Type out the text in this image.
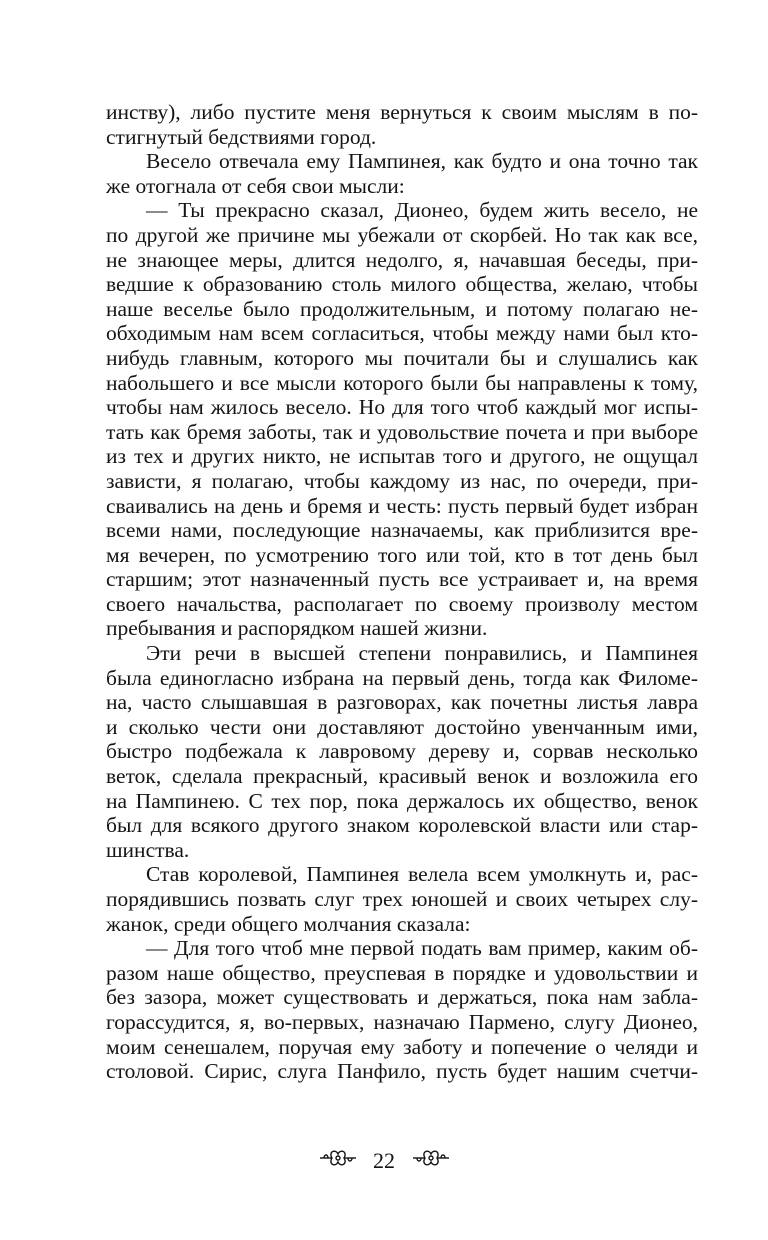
инству), либо пустите меня вернуться к своим мыслям в по-
стигнутый бедствиями город.
Весело отвечала ему Пампинея, как будто и она точно так
же отогнала от себя свои мысли:
— Ты прекрасно сказал, Дионео, будем жить весело, не
по другой же причине мы убежали от скорбей. Но так как все,
не знающее меры, длится недолго, я, начавшая беседы, при-
ведшие к образованию столь милого общества, желаю, чтобы
наше веселье было продолжительным, и потому полагаю не-
обходимым нам всем согласиться, чтобы между нами был кто-
нибудь главным, которого мы почитали бы и слушались как
набольшего и все мысли которого были бы направлены к тому,
чтобы нам жилось весело. Но для того чтоб каждый мог испы-
тать как бремя заботы, так и удовольствие почета и при выборе
из тех и других никто, не испытав того и другого, не ощущал
зависти, я полагаю, чтобы каждому из нас, по очереди, при-
сваивались на день и бремя и честь: пусть первый будет избран
всеми нами, последующие назначаемы, как приблизится вре-
мя вечерен, по усмотрению того или той, кто в тот день был
старшим; этот назначенный пусть все устраивает и, на время
своего начальства, располагает по своему произволу местом
пребывания и распорядком нашей жизни.
Эти речи в высшей степени понравились, и Пампинея
была единогласно избрана на первый день, тогда как Филоме-
на, часто слышавшая в разговорах, как почетны листья лавра
и сколько чести они доставляют достойно увенчанным ими,
быстро подбежала к лавровому дереву и, сорвав несколько
веток, сделала прекрасный, красивый венок и возложила его
на Пампинею. С тех пор, пока держалось их общество, венок
был для всякого другого знаком королевской власти или стар-
шинства.
Став королевой, Пампинея велела всем умолкнуть и, рас-
порядившись позвать слуг трех юношей и своих четырех слу-
жанок, среди общего молчания сказала:
— Для того чтоб мне первой подать вам пример, каким об-
разом наше общество, преуспевая в порядке и удовольствии и
без зазора, может существовать и держаться, пока нам забла-
горассудится, я, во-первых, назначаю Пармено, слугу Дионео,
моим сенешалем, поручая ему заботу и попечение о челяди и
столовой. Сирис, слуга Панфило, пусть будет нашим счетчи-
22
